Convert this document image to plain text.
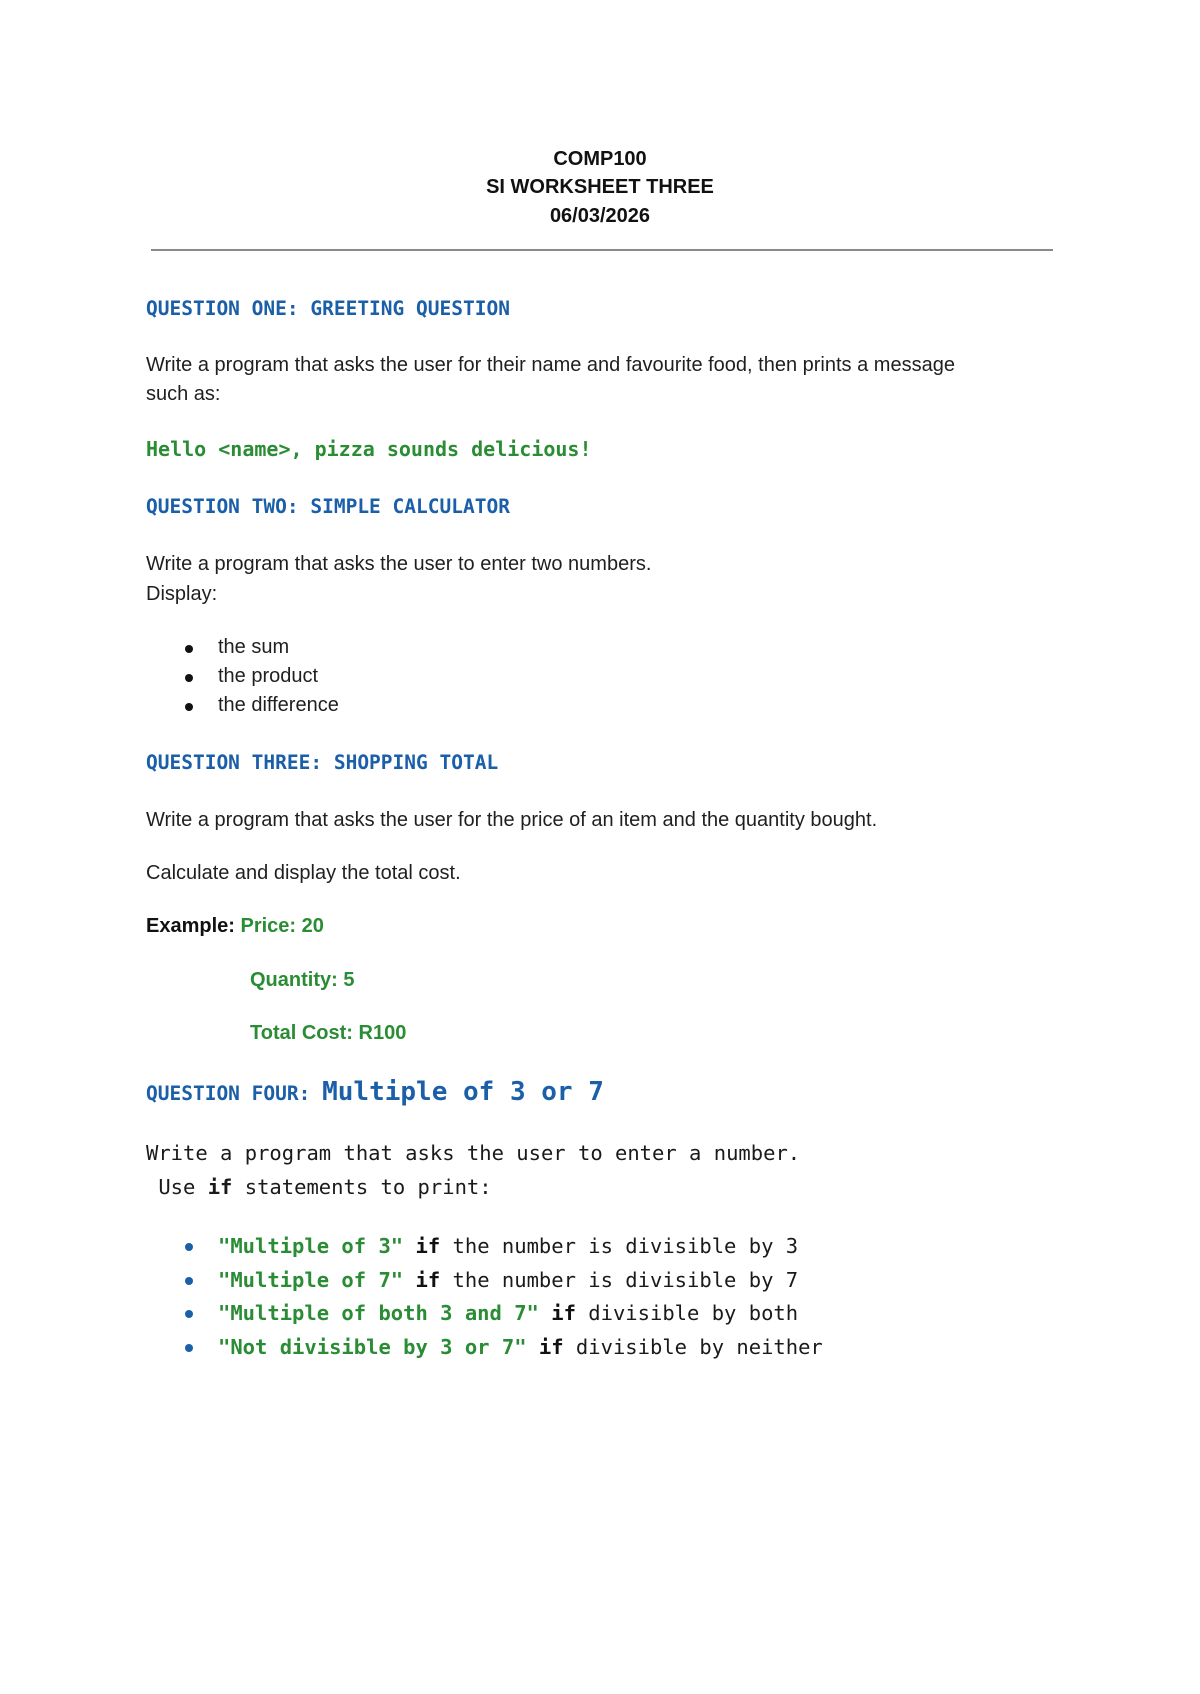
COMP100
SI WORKSHEET THREE
06/03/2026
QUESTION ONE: GREETING QUESTION
Write a program that asks the user for their name and favourite food, then prints a message
such as:
Hello <name>, pizza sounds delicious!
QUESTION TWO: SIMPLE CALCULATOR
Write a program that asks the user to enter two numbers.
Display:
the sum
the product
the difference
QUESTION THREE: SHOPPING TOTAL
Write a program that asks the user for the price of an item and the quantity bought.
Calculate and display the total cost.
Example: Price: 20
Quantity: 5
Total Cost: R100
QUESTION FOUR: Multiple of 3 or 7
Write a program that asks the user to enter a number.
Use if statements to print:
"Multiple of 3" if the number is divisible by 3
"Multiple of 7" if the number is divisible by 7
"Multiple of both 3 and 7" if divisible by both
"Not divisible by 3 or 7" if divisible by neither
